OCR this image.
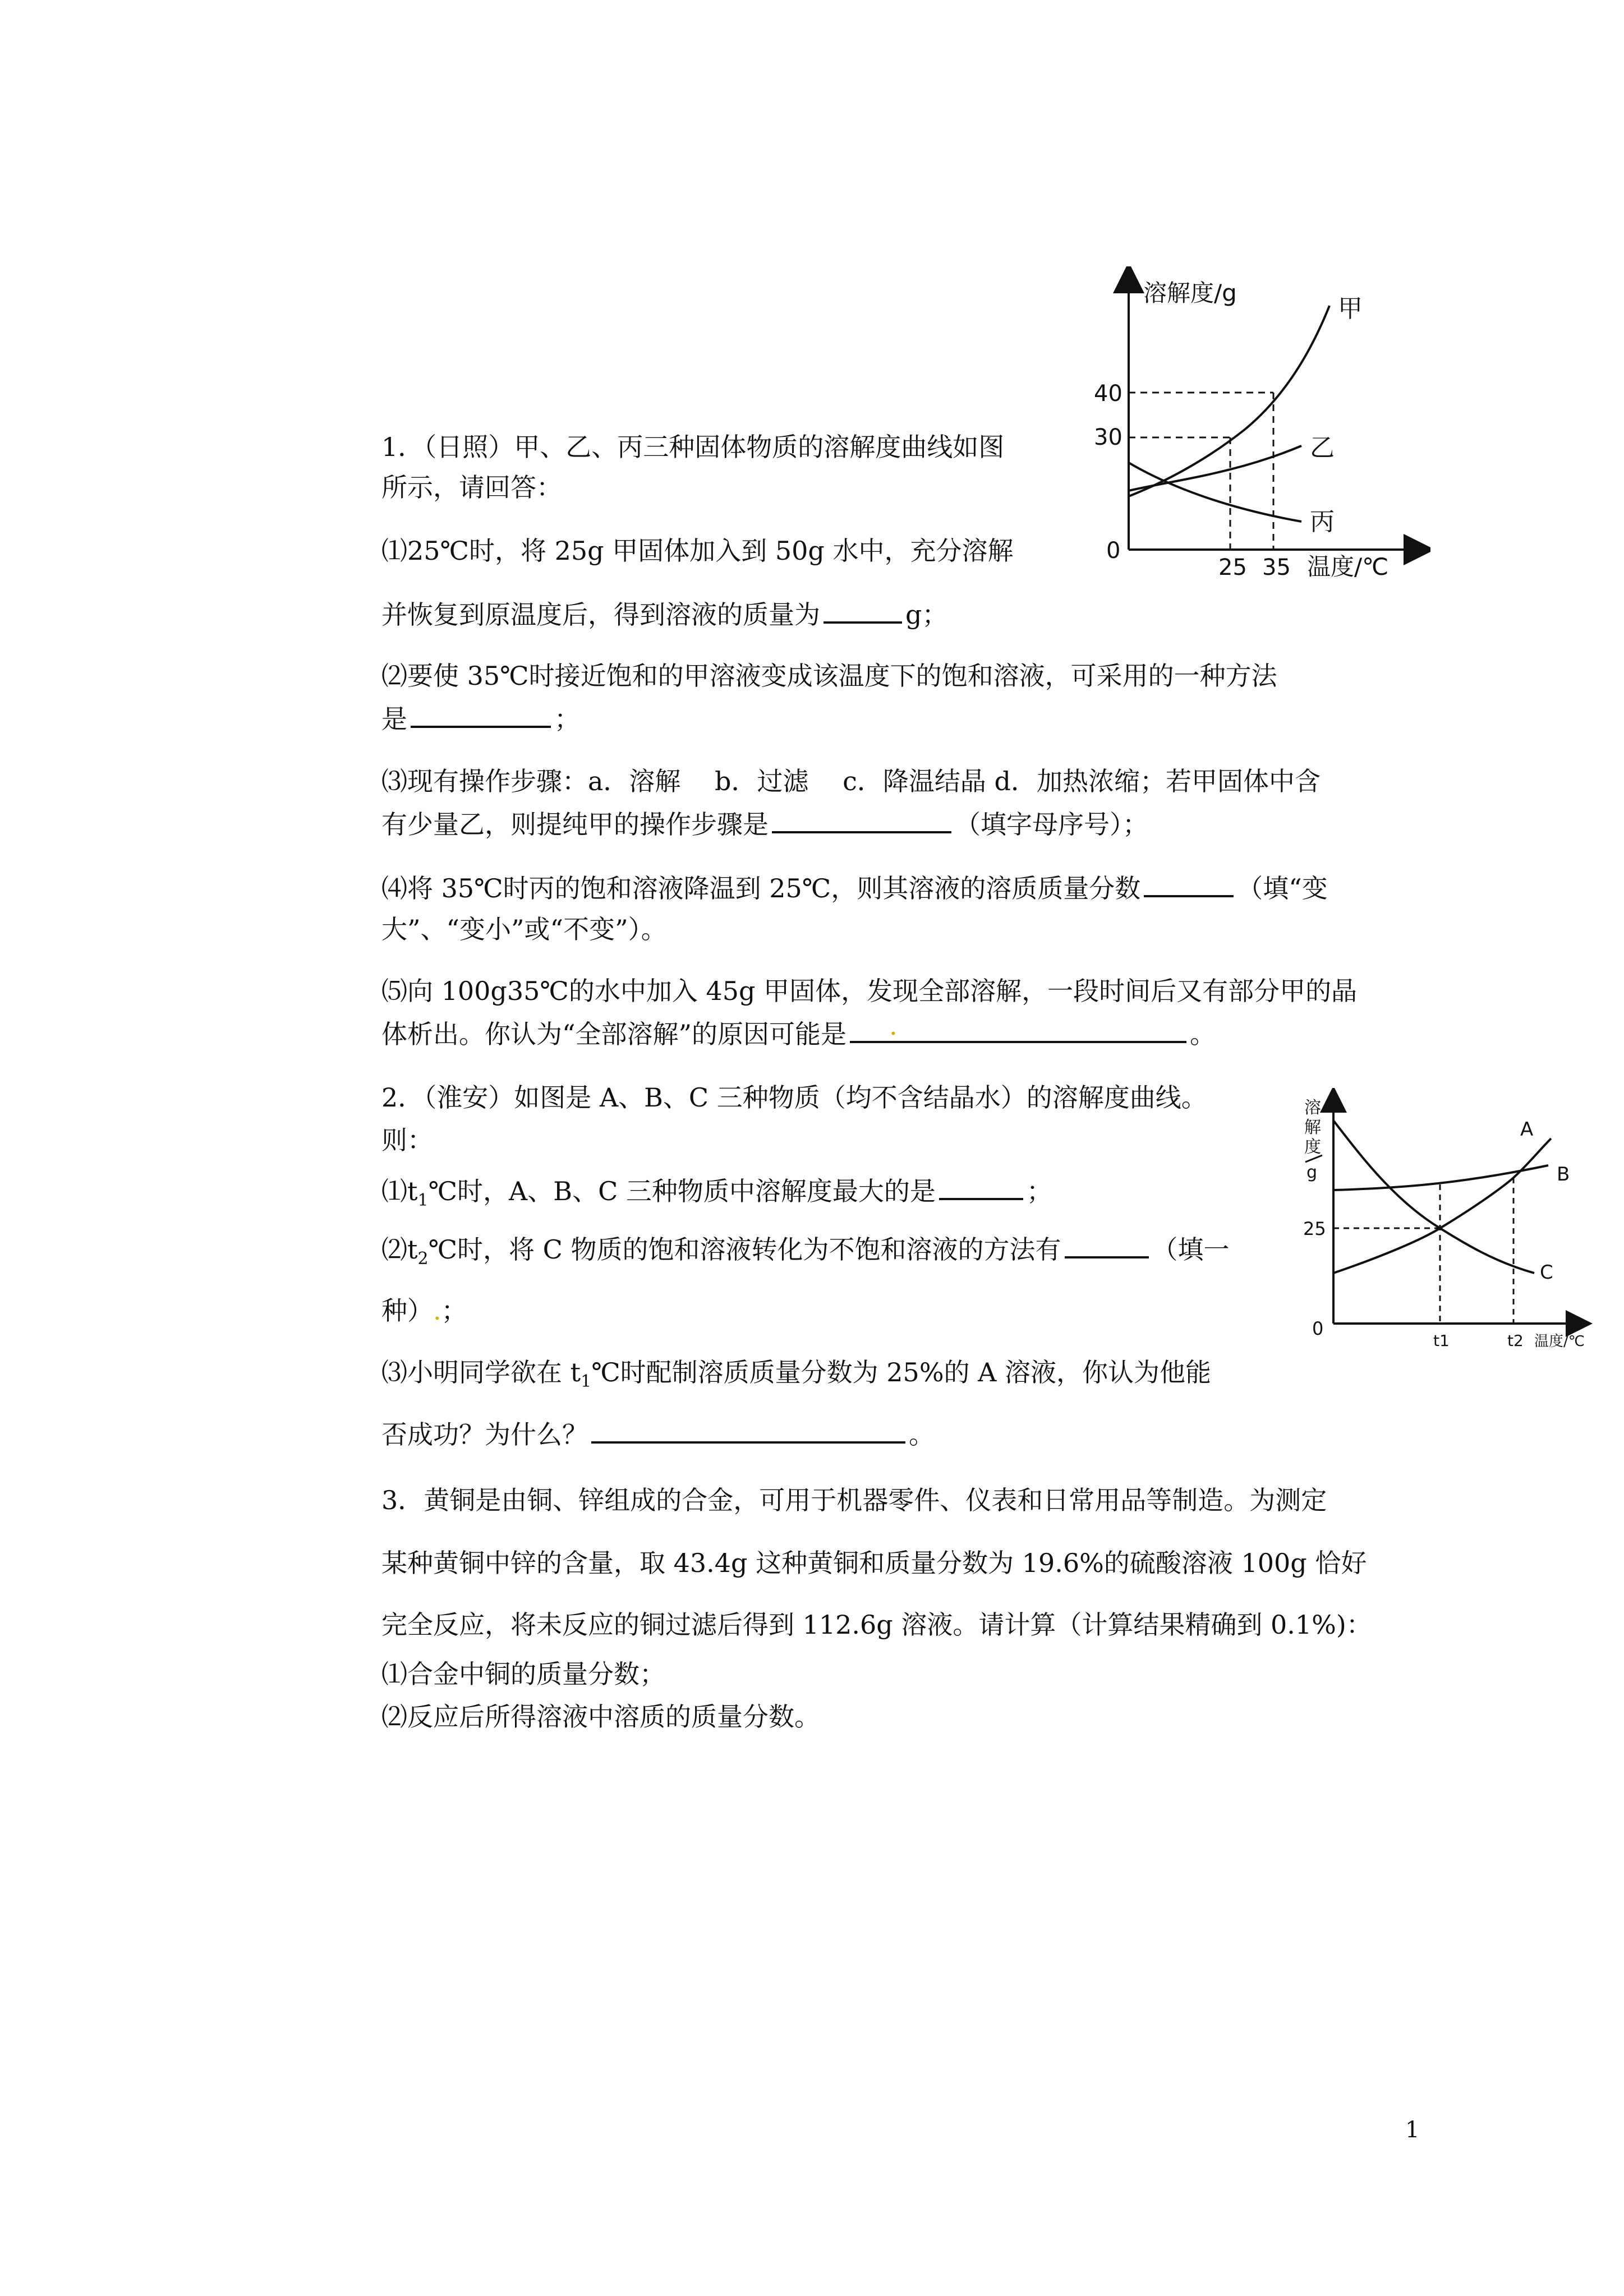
1．（日照）甲、乙、丙三种固体物质的溶解度曲线如图
所示，请回答：
⑴25℃时，将 25g 甲固体加入到 50g 水中，充分溶解
并恢复到原温度后，得到溶液的质量为	g；
⑵要使 35℃时接近饱和的甲溶液变成该温度下的饱和溶液，可采用的一种方法
是	；
⑶现有操作步骤：a．溶解　 b．过滤　 c．降温结晶 d．加热浓缩；若甲固体中含
有少量乙，则提纯甲的操作步骤是	（填字母序号）；
⑷将 35℃时丙的饱和溶液降温到 25℃，则其溶液的溶质质量分数	（填“变
大”、“变小”或“不变”）。
⑸向 100g35℃的水中加入 45g 甲固体，发现全部溶解，一段时间后又有部分甲的晶
体析出。你认为“全部溶解”的原因可能是 .	。
溶解度/g
40
30
0
25 35 温度/℃
甲
乙
丙
2．（淮安）如图是 A、B、C 三种物质（均不含结晶水）的溶解度曲线。
则：
$⑴t_1℃$时，A、B、C 三种物质中溶解度最大的是	；
$⑵t_2℃$时，将 C 物质的饱和溶液转化为不饱和溶液的方法有	（填一
种）.；
⑶小明同学欲在 $t_1℃$时配制溶质质量分数为 25%的 A 溶液，你认为他能
否成功？为什么？	。
溶
解
度
g
25
0
t1	t2 温度/℃
A
B
C
3．黄铜是由铜、锌组成的合金，可用于机器零件、仪表和日常用品等制造。为测定
某种黄铜中锌的含量，取 43.4g 这种黄铜和质量分数为 19.6%的硫酸溶液 100g 恰好
完全反应，将未反应的铜过滤后得到 112.6g 溶液。请计算（计算结果精确到 0.1%)：
⑴合金中铜的质量分数；
⑵反应后所得溶液中溶质的质量分数。
1
